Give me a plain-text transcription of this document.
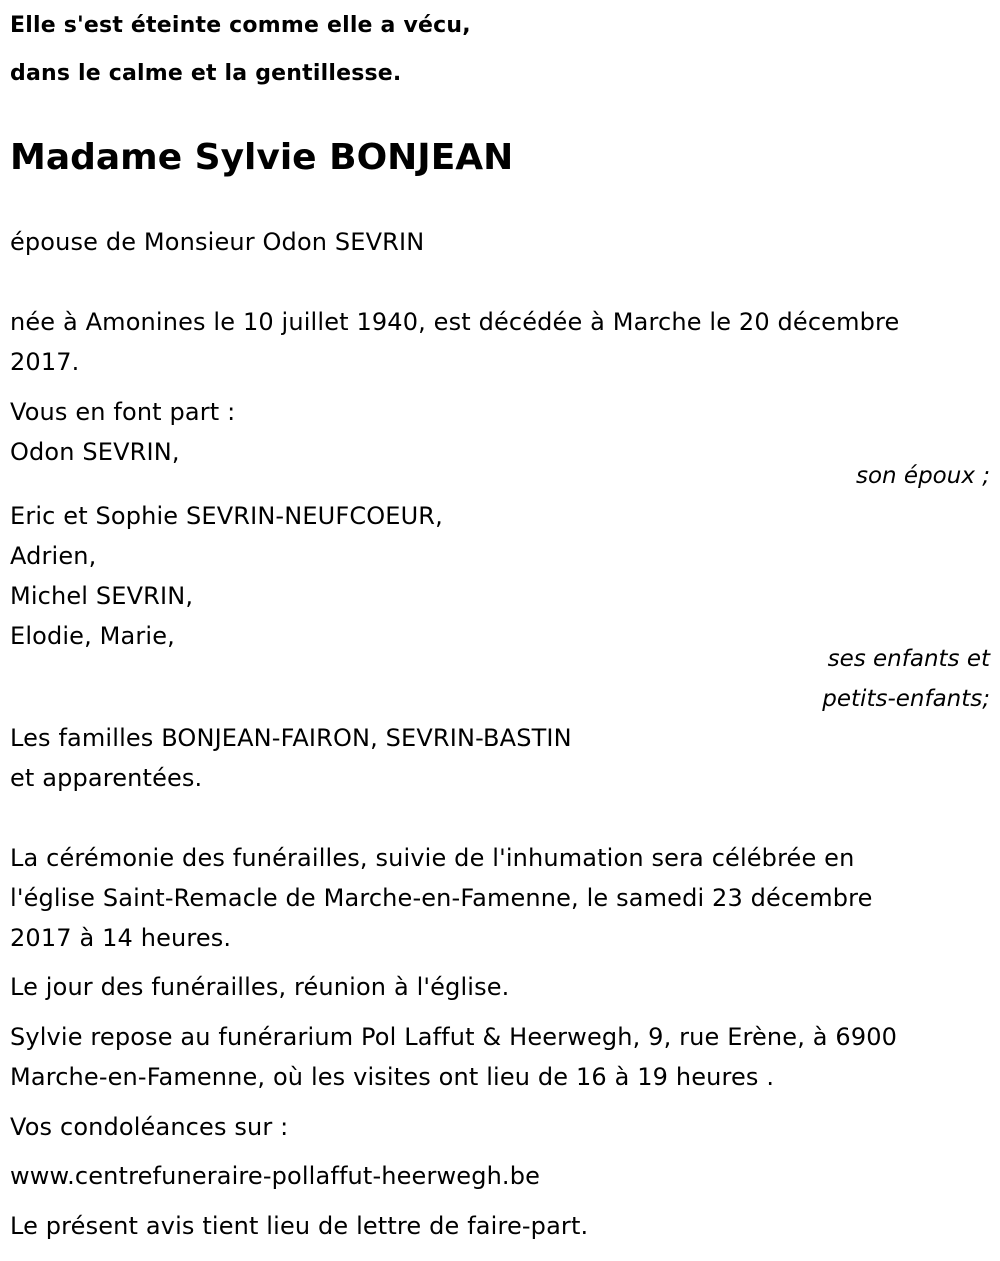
Elle s'est éteinte comme elle a vécu,
dans le calme et la gentillesse.
Madame Sylvie BONJEAN
épouse de Monsieur Odon SEVRIN
née à Amonines le 10 juillet 1940, est décédée à Marche le 20 décembre
2017.
Vous en font part :
Odon SEVRIN,
son époux ;
Eric et Sophie SEVRIN-NEUFCOEUR,
Adrien,
Michel SEVRIN,
Elodie, Marie,
ses enfants et
petits-enfants;
Les familles BONJEAN-FAIRON, SEVRIN-BASTIN
et apparentées.
La cérémonie des funérailles, suivie de l'inhumation sera célébrée en
l'église Saint-Remacle de Marche-en-Famenne, le samedi 23 décembre
2017 à 14 heures.
Le jour des funérailles, réunion à l'église.
Sylvie repose au funérarium Pol Laffut & Heerwegh, 9, rue Erène, à 6900
Marche-en-Famenne, où les visites ont lieu de 16 à 19 heures .
Vos condoléances sur :
www.centrefuneraire-pollaffut-heerwegh.be
Le présent avis tient lieu de lettre de faire-part.
